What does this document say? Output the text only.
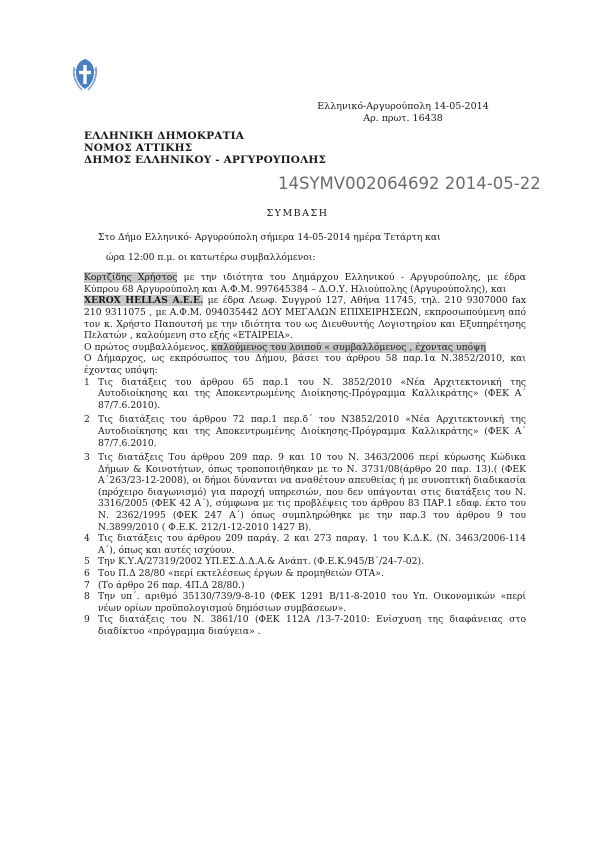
Ελληνικό-Αργυρούπολη 14-05-2014
Αρ. πρωτ. 16438
ΕΛΛΗΝΙΚΗ ΔΗΜΟΚΡΑΤΙΑ
ΝΟΜΟΣ ΑΤΤΙΚΗΣ
ΔΗΜΟΣ ΕΛΛΗΝΙΚΟΥ - ΑΡΓΥΡΟΥΠΟΛΗΣ
14SYMV002064692 2014-05-22
ΣΥΜΒΑΣΗ
Στο Δήμο Ελληνικό- Αργυρούπολη σήμερα 14-05-2014 ημέρα Τετάρτη και
ώρα 12:00 π.μ. οι κατωτέρω συμβαλλόμενοι:
Κορτζίδης Χρήστος με την ιδιότητα του Δημάρχου Ελληνικού - Αργυρούπολης, με έδρα Κύπρου 68 Αργυρούπολη και Α.Φ.Μ. 997645384 – Δ.Ο.Υ. Ηλιούπολης (Αργυρούπολης), και
XEROX HELLAS Α.Ε.Ε. με έδρα Λεωφ. Συγγρού 127, Αθήνα 11745, τηλ. 210 9307000 fax 210 9311075 , με Α.Φ.Μ. 094035442 ΔΟΥ ΜΕΓΑΛΩΝ ΕΠΙΧΕΙΡΗΣΕΩΝ, εκπροσωπούμενη από τον κ. Χρήστο Παπουτσή με την ιδιότητα του ως Διευθυντής Λογιστηρίου και Εξυπηρέτησης Πελατών , καλούμενη στο εξής «ΕΤΑΙΡΕΙΑ».
Ο πρώτος συμβαλλόμενος, καλούμενος του λοιπού « συμβαλλόμενος , έχοντας υπόψη
Ο Δήμαρχος, ως εκπρόσωπος του Δήμου, βάσει του άρθρου 58 παρ.1α Ν.3852/2010, και έχοντας υπόψη:
1 Τις διατάξεις του άρθρου 65 παρ.1 του Ν. 3852/2010 «Νέα Αρχιτεκτονική της Αυτοδιοίκησης και της Αποκεντρωμένης Διοίκησης-Πρόγραμμα Καλλικράτης» (ΦΕΚ Α΄ 87/7.6.2010).
2 Τις διατάξεις του άρθρου 72 παρ.1 περ.δ΄ του Ν3852/2010 «Νέα Αρχιτεκτονική της Αυτοδιοίκησης και της Αποκεντρωμένης Διοίκησης-Πρόγραμμα Καλλικράτης» (ΦΕΚ Α΄ 87/7.6.2010.
3 Τις διατάξεις Του άρθρου 209 παρ. 9 και 10 του Ν. 3463/2006 περί κύρωσης Κώδικα Δήμων & Κοινοτήτων, όπως τροποποιήθηκαν με το Ν. 3731/08(άρθρο 20 παρ. 13).( (ΦΕΚ Α΄263/23-12-2008), οι δήμοι δύνανται να αναθέτουν απευθείας ή με συνοπτική διαδικασία (πρόχειρο διαγωνισμό) για παροχή υπηρεσιών, που δεν υπάγονται στις διατάξεις του Ν. 3316/2005 (ΦΕΚ 42 Α΄), σύμφωνα με τις προβλέψεις του άρθρου 83 ΠΑΡ.1 εδαφ. έκτο του Ν. 2362/1995 (ΦΕΚ 247 Α΄) όπως συμπληρώθηκε με την παρ.3 του άρθρου 9 του Ν.3899/2010 ( Φ.Ε.Κ. 212/1-12-2010 1427 Β).
4 Τις διατάξεις του άρθρου 209 παράγ. 2 και 273 παραγ. 1 του Κ.Δ.Κ. (Ν. 3463/2006-114 Α΄), όπως και αυτές ισχύουν.
5 Την Κ.Υ.Α/27319/2002 ΥΠ.ΕΣ.Δ.Δ.Α.& Ανάπτ. (Φ.Ε.Κ.945/Β΄/24-7-02).
6 Του Π.Δ 28/80 «περί εκτελέσεως έργων & προμηθειών ΟΤΑ».
7 (Το άρθρο 26 παρ. 4Π.Δ 28/80.)
8 Την υπ΄. αριθμό 35130/739/9-8-10 (ΦΕΚ 1291 Β/11-8-2010 του Υπ. Οικονομικών «περί νέων ορίων προϋπολογισμού δημόσιων συμβάσεων».
9 Τις διατάξεις του Ν. 3861/10 (ΦΕΚ 112Α /13-7-2010: Ενίσχυση της διαφάνειας στο διαδίκτυο «πρόγραμμα διαύγεια» .
